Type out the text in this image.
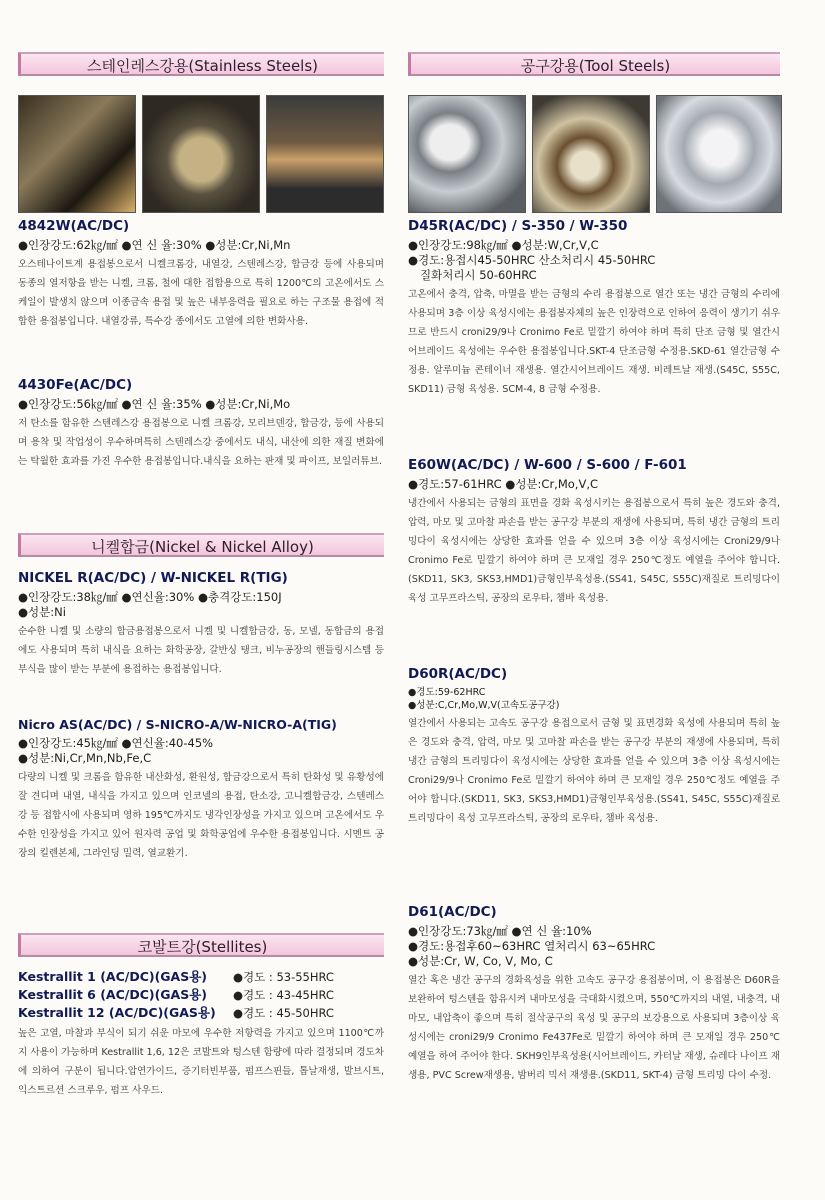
스테인레스강용(Stainless Steels)

4842W(AC/DC)

●인장강도:62㎏/㎟ ●연 신 율:30% ●성분:Cr,Ni,Mn

오스테나이트계 용접봉으로서 니켈크롬강, 내열강, 스텐레스강, 합금강 등에 사용되며 동종의 열저항을 받는 니켈, 크롬, 철에 대한 접합용으로 특히 1200℃의 고온에서도 스케일이 발생치 않으며 이종금속 용접 및 높은 내부응력을 필요로 하는 구조물 용접에 적합한 용접봉입니다. 내열강류, 특수강 종에서도 고열에 의한 변화사용.

4430Fe(AC/DC)

●인장강도:56㎏/㎟ ●연 신 율:35% ●성분:Cr,Ni,Mo

저 탄소를 함유한 스텐레스강 용접봉으로 니켈 크롬강, 모리브덴강, 합금강, 등에 사용되며 용착 및 작업성이 우수하며특히 스텐레스강 중에서도 내식, 내산에 의한 재질 변화에는 탁월한 효과를 가진 우수한 용접봉입니다.내식을 요하는 판재 및 파이프, 보일러튜브.

니켈합금(Nickel & Nickel Alloy)

NICKEL R(AC/DC) / W-NICKEL R(TIG)

●인장강도:38㎏/㎟ ●연신율:30% ●충격강도:150J

●성분:Ni

순수한 니켈 및 소량의 합금용접봉으로서 니켈 및 니켈합금강, 동, 모넬, 동합금의 용접에도 사용되며 특히 내식을 요하는 화학공장, 갈반싱 탱크, 비누공장의 핸들링시스템 등 부식을 많이 받는 부분에 용접하는 용접봉입니다.

Nicro AS(AC/DC) / S-NICRO-A/W-NICRO-A(TIG)

●인장강도:45㎏/㎟ ●연신율:40-45%

●성분:Ni,Cr,Mn,Nb,Fe,C

다량의 니켈 및 크롬을 함유한 내산화성, 환원성, 합금강으로서 특히 탄화성 및 유황성에 잘 견디며 내열, 내식을 가지고 있으며 인코넬의 용접, 탄소강, 고니켈합금강, 스텐레스강 등 접합시에 사용되며 영하 195℃까지도 냉각인장성을 가지고 있으며 고온에서도 우수한 인장성을 가지고 있어 원자력 공업 및 화학공업에 우수한 용접봉입니다. 시멘트 공장의 킬렌본체, 그라인딩 밀력, 열교환기.

코발트강(Stellites)
Kestrallit 1 (AC/DC)(GAS용)	●경도 : 53-55HRC
Kestrallit 6 (AC/DC)(GAS용)	●경도 : 43-45HRC
Kestrallit 12 (AC/DC)(GAS용)	●경도 : 45-50HRC

높은 고열, 마찰과 부식이 되기 쉬운 마모에 우수한 저항력을 가지고 있으며 1100℃까지 사용이 가능하며 Kestrallit 1,6, 12은 코발트와 텅스텐 함량에 따라 결정되며 경도차에 의하여 구분이 됩니다.압연가이드, 증기터빈부품, 펌프스핀들, 톱날재생, 발브시트, 익스트르션 스크루우, 펌프 사우드.

공구강용(Tool Steels)

D45R(AC/DC) / S-350 / W-350

●인장강도:98㎏/㎟ ●성분:W,Cr,V,C

●경도:용접시45-50HRC 산소처리시 45-50HRC

질화처리시 50-60HRC

고온에서 충격, 압축, 마멸을 받는 금형의 수리 용접봉으로 열간 또는 냉간 금형의 수리에 사용되며 3층 이상 육성시에는 용접봉자체의 높은 인장력으로 인하여 응력이 생기기 쉬우므로 반드시 croni29/9나 Cronimo Fe로 밑깔기 하여야 하며 특히 단조 금형 및 열간시어브레이드 육성에는 우수한 용접봉입니다.SKT-4 단조금형 수정용.SKD-61 열간금형 수정용. 알루미늄 콘테이너 재생용. 열간시어브레이드 재생. 비레트날 재생.(S45C, S55C, SKD11) 금형 육성용. SCM-4, 8 금형 수정용.

E60W(AC/DC) / W-600 / S-600 / F-601

●경도:57-61HRC ●성분:Cr,Mo,V,C

냉간에서 사용되는 금형의 표면을 경화 육성시키는 용접봉으로서 특히 높은 경도와 충격, 압력, 마모 및 고마찰 파손을 받는 공구강 부분의 재생에 사용되며, 특히 냉간 금형의 트리밍다이 육성시에는 상당한 효과를 얻을 수 있으며 3층 이상 육성시에는 Croni29/9나 Cronimo Fe로 밑깔기 하여야 하며 큰 모재일 경우 250℃정도 예열을 주어야 합니다.(SKD11, SK3, SKS3,HMD1)금형인부육성용.(SS41, S45C, S55C)재질로 트리밍다이 육성 고무프라스틱, 공장의 로우타, 챔바 육성용.

D60R(AC/DC)

●경도:59-62HRC

●성분:C,Cr,Mo,W,V(고속도공구강)

열간에서 사용되는 고속도 공구강 용접으로서 금형 및 표면경화 육성에 사용되며 특히 높은 경도와 충격, 압력, 마모 및 고마찰 파손을 받는 공구강 부분의 재생에 사용되며, 특히 냉간 금형의 트리밍다이 육성시에는 상당한 효과를 얻을 수 있으며 3층 이상 육성시에는 Croni29/9나 Cronimo Fe로 밑깔기 하여야 하며 큰 모재일 경우 250℃정도 예열을 주어야 합니다.(SKD11, SK3, SKS3,HMD1)금형인부육성용.(SS41, S45C, S55C)재질로 트리밍다이 육성 고무프라스틱, 공장의 로우타, 챔바 육성용.

D61(AC/DC)

●인장강도:73㎏/㎟ ●연 신 율:10%

●경도:용접후60~63HRC 열처리시 63~65HRC

●성분:Cr, W, Co, V, Mo, C

열간 혹은 냉간 공구의 경화육성을 위한 고속도 공구강 용접봉이며, 이 용접봉은 D60R을 보완하여 텅스텐을 함유시켜 내마모성을 극대화시켰으며, 550℃까지의 내열, 내충격, 내마모, 내압축이 좋으며 특히 절삭공구의 육성 및 공구의 보강용으로 사용되며 3층이상 육성시에는 croni29/9 Cronimo Fe437Fe로 밑깔기 하여야 하며 큰 모재일 경우 250℃ 예열을 하여 주어야 한다. SKH9인부육성용(시어브레이드, 카터날 재생, 슈레다 나이프 재생용, PVC Screw재생용, 밤버리 믹서 재생용.(SKD11, SKT-4) 금형 트리밍 다이 수정.
